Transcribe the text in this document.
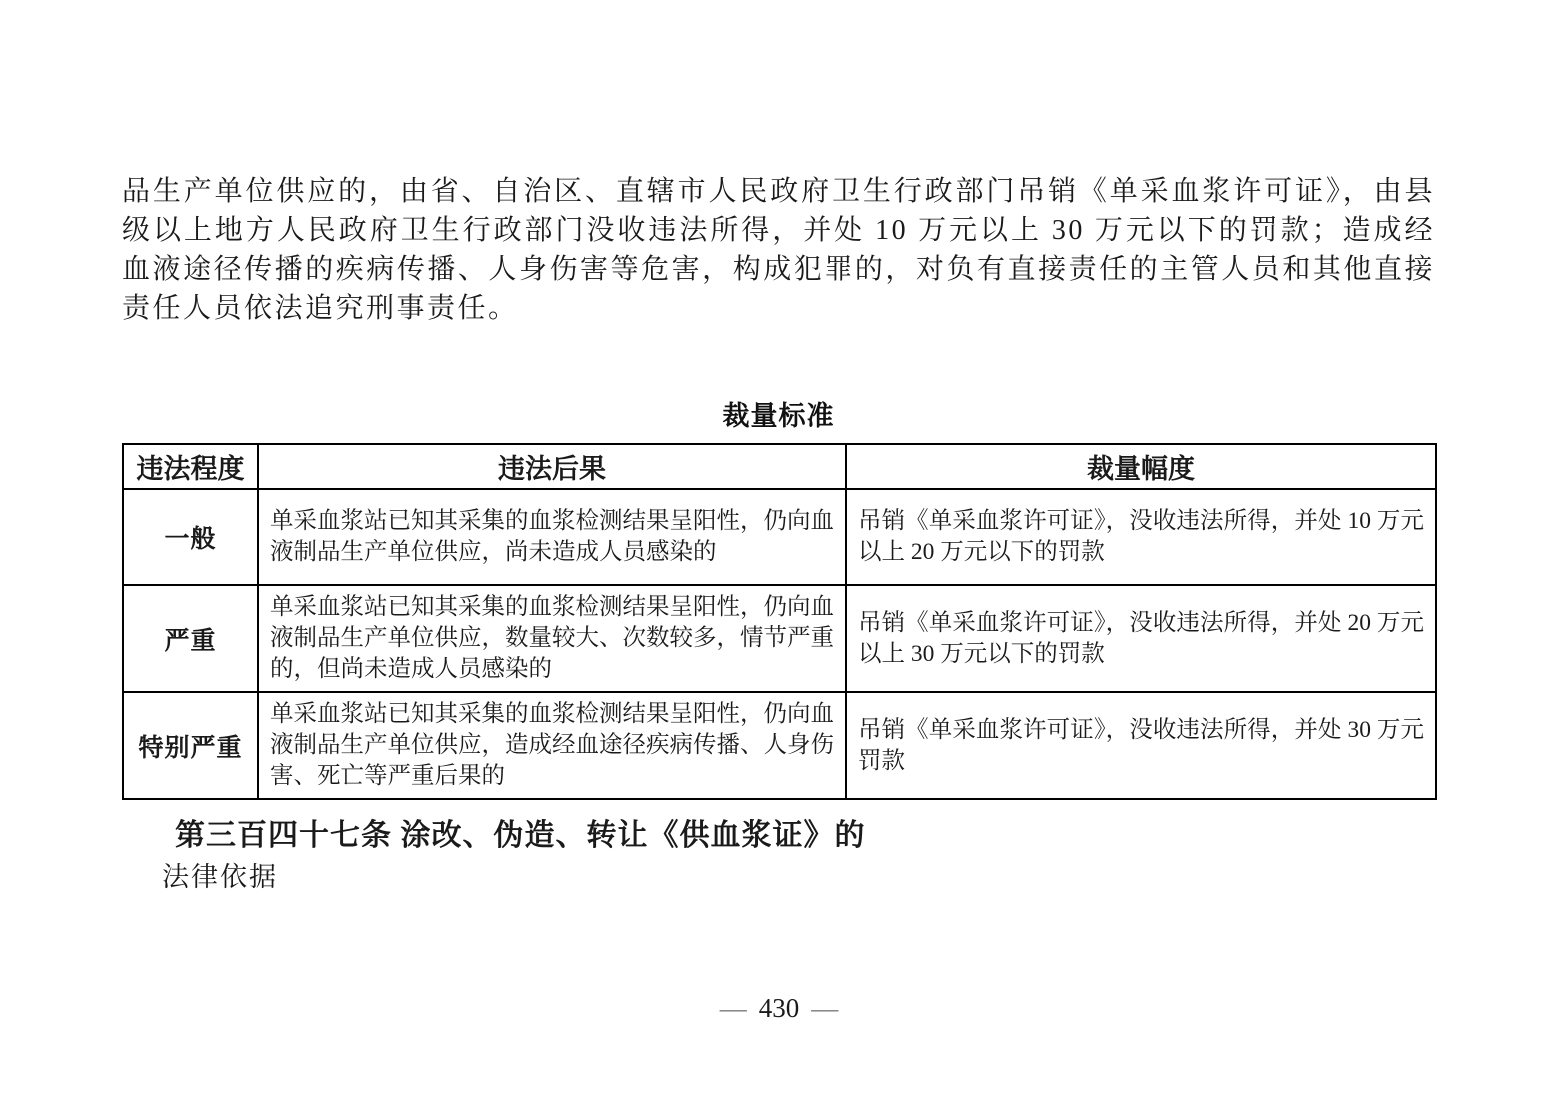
品生产单位供应的，由省、自治区、直辖市人民政府卫生行政部门吊销《单采血浆许可证》，由县级以上地方人民政府卫生行政部门没收违法所得，并处 10 万元以上 30 万元以下的罚款；造成经血液途径传播的疾病传播、人身伤害等危害，构成犯罪的，对负有直接责任的主管人员和其他直接责任人员依法追究刑事责任。

裁量标准
违法程度	违法后果	裁量幅度
一般	单采血浆站已知其采集的血浆检测结果呈阳性，仍向血液制品生产单位供应，尚未造成人员感染的	吊销《单采血浆许可证》，没收违法所得，并处 10 万元以上 20 万元以下的罚款
严重	单采血浆站已知其采集的血浆检测结果呈阳性，仍向血液制品生产单位供应，数量较大、次数较多，情节严重的，但尚未造成人员感染的	吊销《单采血浆许可证》，没收违法所得，并处 20 万元以上 30 万元以下的罚款
特别严重	单采血浆站已知其采集的血浆检测结果呈阳性，仍向血液制品生产单位供应，造成经血途径疾病传播、人身伤害、死亡等严重后果的	吊销《单采血浆许可证》，没收违法所得，并处 30 万元罚款
第三百四十七条 涂改、伪造、转让《供血浆证》的
法律依据
— 430 —
